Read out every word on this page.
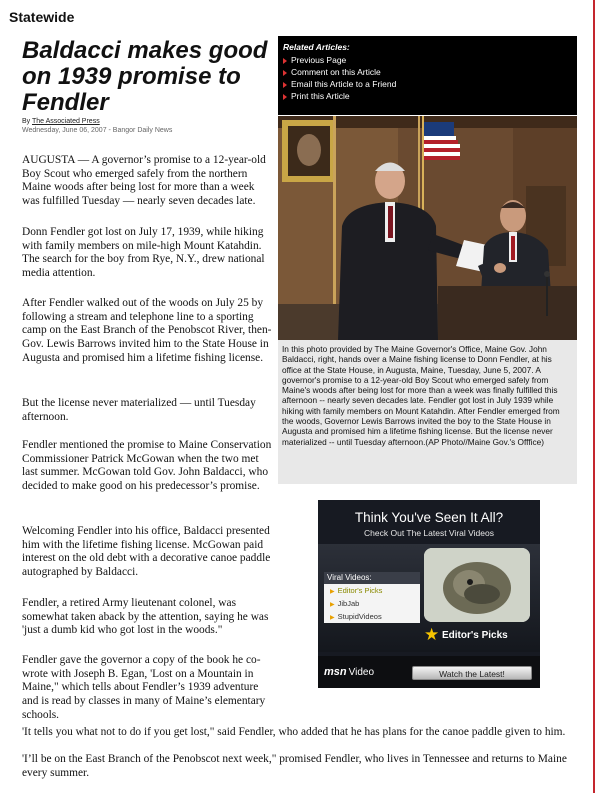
Statewide
Baldacci makes good on 1939 promise to Fendler
By The Associated Press
Wednesday, June 06, 2007 - Bangor Daily News

AUGUSTA — A governor’s promise to a 12-year-old Boy Scout who emerged safely from the northern Maine woods after being lost for more than a week was fulfilled Tuesday — nearly seven decades late.

Donn Fendler got lost on July 17, 1939, while hiking with family members on mile-high Mount Katahdin. The search for the boy from Rye, N.Y., drew national media attention.

After Fendler walked out of the woods on July 25 by following a stream and telephone line to a sporting camp on the East Branch of the Penobscot River, then-Gov. Lewis Barrows invited him to the State House in Augusta and promised him a lifetime fishing license.

But the license never materialized — until Tuesday afternoon.

Fendler mentioned the promise to Maine Conservation Commissioner Patrick McGowan when the two met last summer. McGowan told Gov. John Baldacci, who decided to make good on his predecessor’s promise.

Welcoming Fendler into his office, Baldacci presented him with the lifetime fishing license. McGowan paid interest on the old debt with a decorative canoe paddle autographed by Baldacci.

Fendler, a retired Army lieutenant colonel, was somewhat taken aback by the attention, saying he was 'just a dumb kid who got lost in the woods."

Fendler gave the governor a copy of the book he co-wrote with Joseph B. Egan, 'Lost on a Mountain in Maine," which tells about Fendler’s 1939 adventure and is read by classes in many of Maine’s elementary schools.

'It tells you what not to do if you get lost," said Fendler, who added that he has plans for the canoe paddle given to him.

'I’ll be on the East Branch of the Penobscot next week," promised Fendler, who lives in Tennessee and returns to Maine every summer.

Related Articles:
Previous Page
Comment on this Article
Email this Article to a Friend
Print this Article

In this photo provided by The Maine Governor's Office, Maine Gov. John Baldacci, right, hands over a Maine fishing license to Donn Fendler, at his office at the State House, in Augusta, Maine, Tuesday, June 5, 2007. A governor's promise to a 12-year-old Boy Scout who emerged safely from Maine's woods after being lost for more than a week was finally fulfilled this afternoon -- nearly seven decades late. Fendler got lost in July 1939 while hiking with family members on Mount Katahdin. After Fendler emerged from the woods, Governor Lewis Barrows invited the boy to the State House in Augusta and promised him a lifetime fishing license. But the license never materialized -- until Tuesday afternoon.(AP Photo//Maine Gov.'s Offfice)

Think You've Seen It All?
Check Out The Latest Viral Videos
Viral Videos:
▶ Editor's Picks
▶ JibJab
▶ StupidVideos
★ Editor's Picks
msn Video	Watch the Latest!
